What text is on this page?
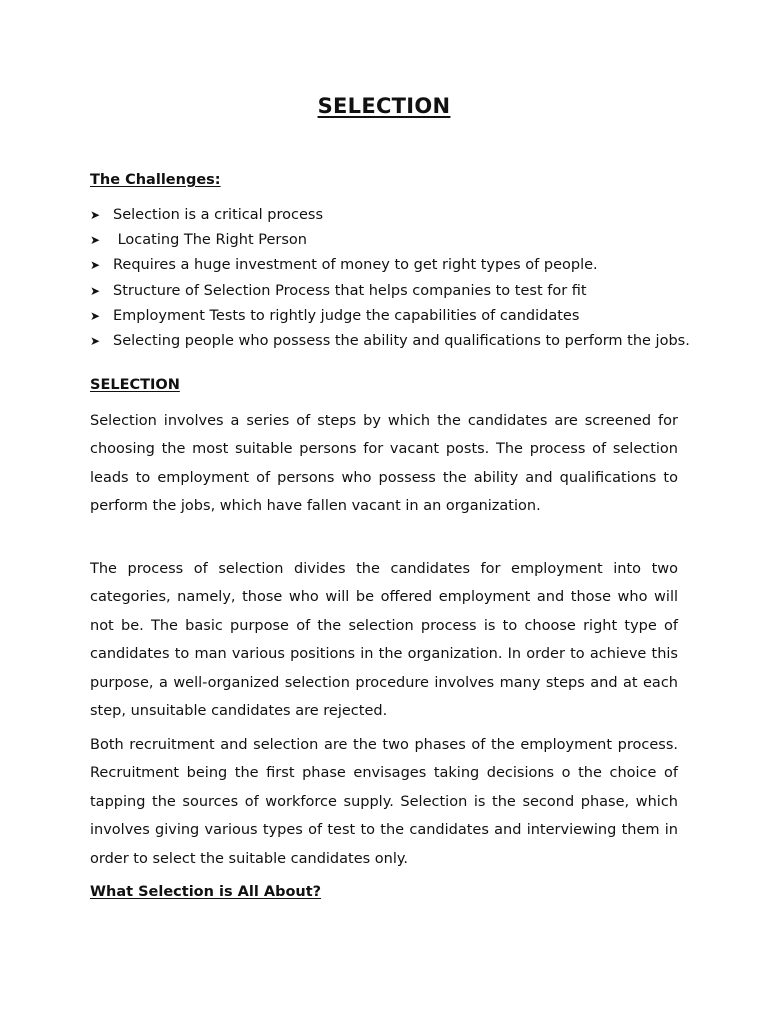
SELECTION
The Challenges:
➤ Selection is a critical process
➤ Locating The Right Person
➤ Requires a huge investment of money to get right types of people.
➤ Structure of Selection Process that helps companies to test for fit
➤ Employment Tests to rightly judge the capabilities of candidates
➤ Selecting people who possess the ability and qualifications to perform the jobs.
SELECTION

Selection involves a series of steps by which the candidates are screened for choosing the most suitable persons for vacant posts. The process of selection leads to employment of persons who possess the ability and qualifications to perform the jobs, which have fallen vacant in an organization.

The process of selection divides the candidates for employment into two categories, namely, those who will be offered employment and those who will not be. The basic purpose of the selection process is to choose right type of candidates to man various positions in the organization. In order to achieve this purpose, a well-organized selection procedure involves many steps and at each step, unsuitable candidates are rejected.

Both recruitment and selection are the two phases of the employment process. Recruitment being the first phase envisages taking decisions o the choice of tapping the sources of workforce supply. Selection is the second phase, which involves giving various types of test to the candidates and interviewing them in order to select the suitable candidates only.

What Selection is All About?
